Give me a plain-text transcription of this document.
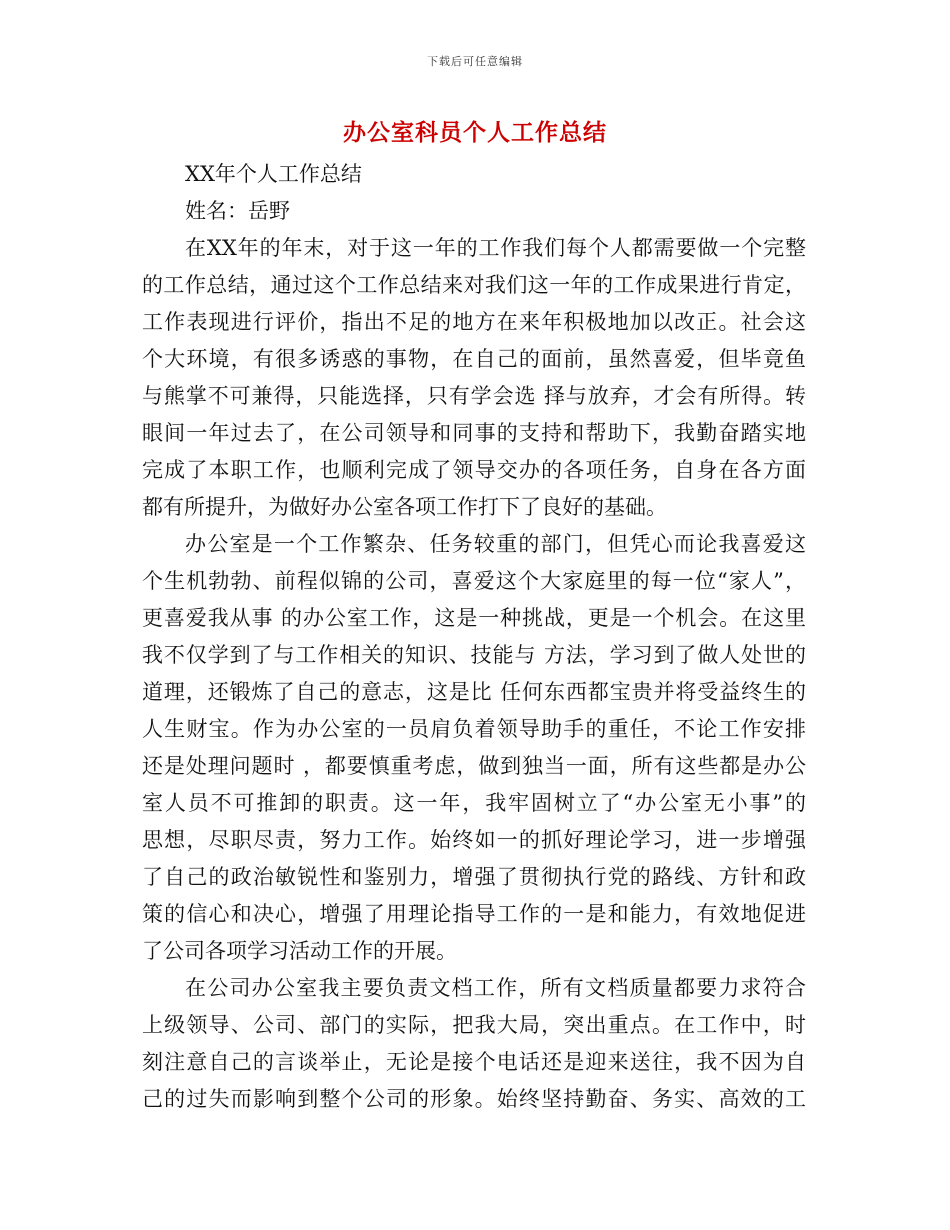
下载后可任意编辑
办公室科员个人工作总结
XX年个人工作总结
姓名：岳野
在XX年的年末，对于这一年的工作我们每个人都需要做一个完整
的工作总结，通过这个工作总结来对我们这一年的工作成果进行肯定，
工作表现进行评价，指出不足的地方在来年积极地加以改正。社会这
个大环境，有很多诱惑的事物，在自己的面前，虽然喜爱，但毕竟鱼
与熊掌不可兼得，只能选择，只有学会选 择与放弃，才会有所得。转
眼间一年过去了，在公司领导和同事的支持和帮助下，我勤奋踏实地
完成了本职工作，也顺利完成了领导交办的各项任务，自身在各方面
都有所提升，为做好办公室各项工作打下了良好的基础。
办公室是一个工作繁杂、任务较重的部门，但凭心而论我喜爱这
个生机勃勃、前程似锦的公司，喜爱这个大家庭里的每一位“家人”，
更喜爱我从事 的办公室工作，这是一种挑战，更是一个机会。在这里
我不仅学到了与工作相关的知识、技能与 方法，学习到了做人处世的
道理，还锻炼了自己的意志，这是比 任何东西都宝贵并将受益终生的
人生财宝。作为办公室的一员肩负着领导助手的重任，不论工作安排
还是处理问题时 ，都要慎重考虑，做到独当一面，所有这些都是办公
室人员不可推卸的职责。这一年，我牢固树立了“办公室无小事”的
思想，尽职尽责，努力工作。始终如一的抓好理论学习，进一步增强
了自己的政治敏锐性和鉴别力，增强了贯彻执行党的路线、方针和政
策的信心和决心，增强了用理论指导工作的一是和能力，有效地促进
了公司各项学习活动工作的开展。
在公司办公室我主要负责文档工作，所有文档质量都要力求符合
上级领导、公司、部门的实际，把我大局，突出重点。在工作中，时
刻注意自己的言谈举止，无论是接个电话还是迎来送往，我不因为自
己的过失而影响到整个公司的形象。始终坚持勤奋、务实、高效的工
